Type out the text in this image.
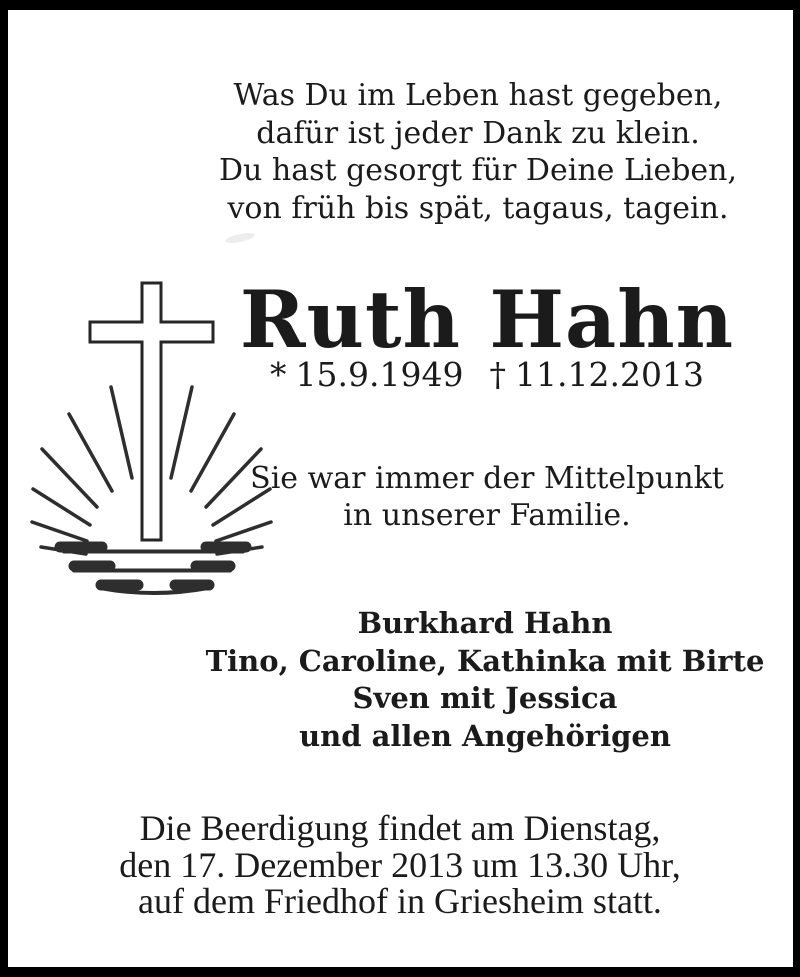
Was Du im Leben hast gegeben,
dafür ist jeder Dank zu klein.
Du hast gesorgt für Deine Lieben,
von früh bis spät, tagaus, tagein.
Ruth Hahn
* 15.9.1949 † 11.12.2013
Sie war immer der Mittelpunkt
in unserer Familie.
Burkhard Hahn
Tino, Caroline, Kathinka mit Birte
Sven mit Jessica
und allen Angehörigen
Die Beerdigung findet am Dienstag,
den 17. Dezember 2013 um 13.30 Uhr,
auf dem Friedhof in Griesheim statt.
